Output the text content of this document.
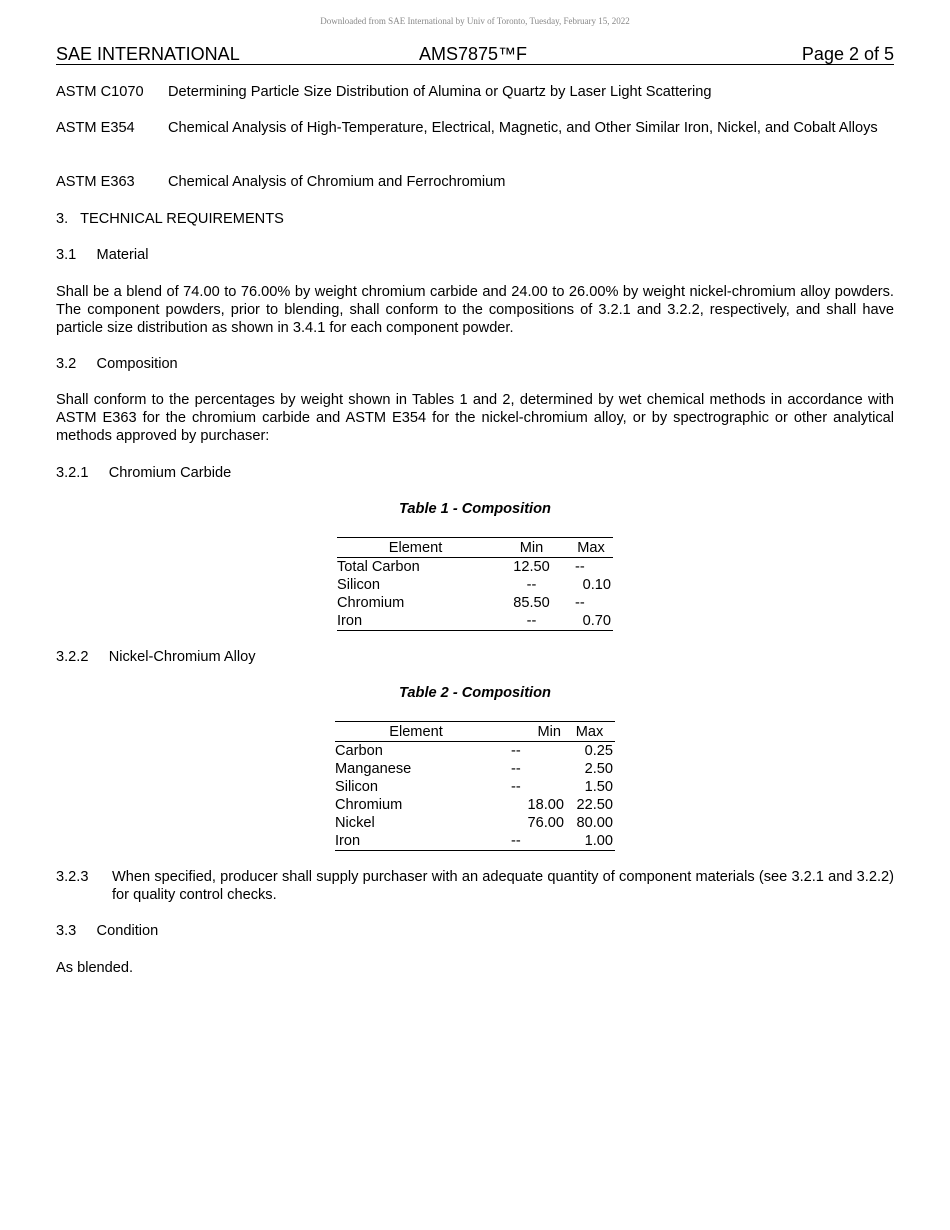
Downloaded from SAE International by Univ of Toronto, Tuesday, February 15, 2022
SAE INTERNATIONAL	AMS7875™F	Page 2 of 5
ASTM C1070 Determining Particle Size Distribution of Alumina or Quartz by Laser Light Scattering
ASTM E354 Chemical Analysis of High-Temperature, Electrical, Magnetic, and Other Similar Iron, Nickel, and Cobalt Alloys
ASTM E363 Chemical Analysis of Chromium and Ferrochromium
3.   TECHNICAL REQUIREMENTS
3.1     Material
Shall be a blend of 74.00 to 76.00% by weight chromium carbide and 24.00 to 26.00% by weight nickel-chromium alloy powders. The component powders, prior to blending, shall conform to the compositions of 3.2.1 and 3.2.2, respectively, and shall have particle size distribution as shown in 3.4.1 for each component powder.
3.2     Composition
Shall conform to the percentages by weight shown in Tables 1 and 2, determined by wet chemical methods in accordance with ASTM E363 for the chromium carbide and ASTM E354 for the nickel-chromium alloy, or by spectrographic or other analytical methods approved by purchaser:
3.2.1     Chromium Carbide
Table 1 - Composition
Element	Min	Max
Total Carbon	12.50	--
Silicon	--	0.10
Chromium	85.50	--
Iron	--	0.70
3.2.2     Nickel-Chromium Alloy
Table 2 - Composition
Element	Min	Max
Carbon	--	0.25
Manganese	--	2.50
Silicon	--	1.50
Chromium	18.00	22.50
Nickel	76.00	80.00
Iron	--	1.00
3.2.3 When specified, producer shall supply purchaser with an adequate quantity of component materials (see 3.2.1 and 3.2.2) for quality control checks.
3.3     Condition
As blended.
